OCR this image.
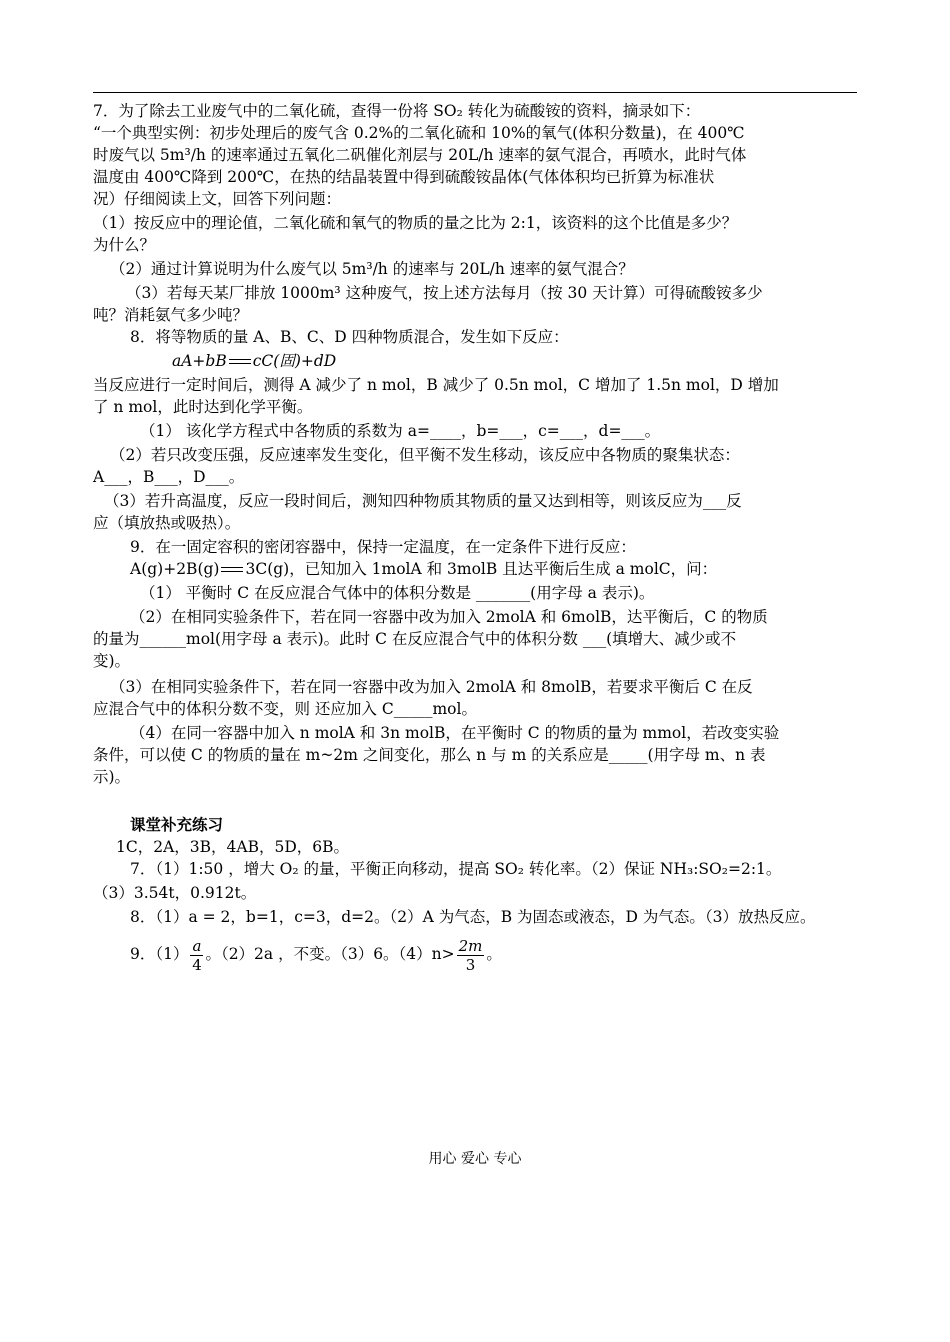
7．为了除去工业废气中的二氧化硫，查得一份将 SO₂ 转化为硫酸铵的资料，摘录如下：
“一个典型实例：初步处理后的废气含 0.2%的二氧化硫和 10%的氧气(体积分数量)，在 400℃
时废气以 5m³/h 的速率通过五氧化二矾催化剂层与 20L/h 速率的氨气混合，再喷水，此时气体
温度由 400℃降到 200℃，在热的结晶装置中得到硫酸铵晶体(气体体积均已折算为标准状
况）仔细阅读上文，回答下列问题：
（1）按反应中的理论值，二氧化硫和氧气的物质的量之比为 2:1，该资料的这个比值是多少？
为什么？
（2）通过计算说明为什么废气以 5m³/h 的速率与 20L/h 速率的氨气混合？
（3）若每天某厂排放 1000m³ 这种废气，按上述方法每月（按 30 天计算）可得硫酸铵多少
吨？消耗氨气多少吨？
8．将等物质的量 A、B、C、D 四种物质混合，发生如下反应：
aA+bB cC(固)+dD
当反应进行一定时间后，测得 A 减少了 n mol，B 减少了 0.5n mol，C 增加了 1.5n mol，D 增加
了 n mol，此时达到化学平衡。
（1） 该化学方程式中各物质的系数为 a=____，b=___，c=___，d=___。
（2）若只改变压强，反应速率发生变化，但平衡不发生移动，该反应中各物质的聚集状态：
A___，B___，D___。
（3）若升高温度，反应一段时间后，测知四种物质其物质的量又达到相等，则该反应为___反
应（填放热或吸热）。
9．在一固定容积的密闭容器中，保持一定温度，在一定条件下进行反应：
A(g)+2B(g) 3C(g)，已知加入 1molA 和 3molB 且达平衡后生成 a molC，问：
（1） 平衡时 C 在反应混合气体中的体积分数是 _______(用字母 a 表示)。
（2）在相同实验条件下，若在同一容器中改为加入 2molA 和 6molB，达平衡后，C 的物质
的量为______mol(用字母 a 表示)。此时 C 在反应混合气中的体积分数 ___(填增大、减少或不
变)。
（3）在相同实验条件下，若在同一容器中改为加入 2molA 和 8molB，若要求平衡后 C 在反
应混合气中的体积分数不变，则 还应加入 C_____mol。
（4）在同一容器中加入 n molA 和 3n molB，在平衡时 C 的物质的量为 mmol，若改变实验
条件，可以使 C 的物质的量在 m~2m 之间变化，那么 n 与 m 的关系应是_____(用字母 m、n 表
示)。
课堂补充练习
1C，2A，3B，4AB，5D，6B。
7．（1）1:50 ，增大 O₂ 的量，平衡正向移动，提高 SO₂ 转化率。（2）保证 NH₃:SO₂=2:1。
（3）3.54t，0.912t。
8．（1）a = 2，b=1，c=3，d=2。（2）A 为气态，B 为固态或液态，D 为气态。（3）放热反应。
9．$(1) \frac{a}{4}$ 。（2）2a ，不变。（3）6。$(4)n> \frac{2m}{3}$ 。
用心 爱心 专心
